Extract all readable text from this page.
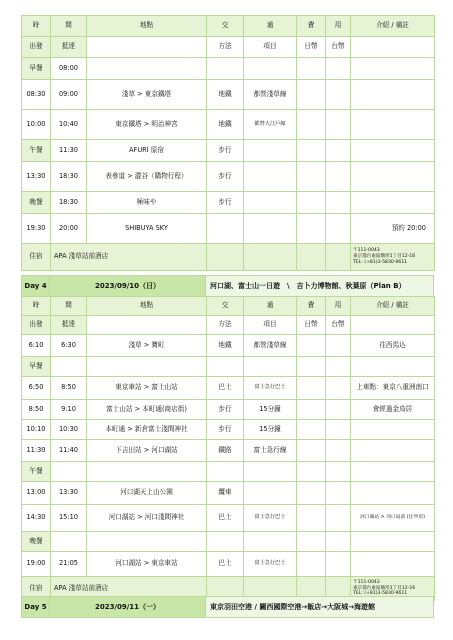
時	間	地點	交	通	費	用	介紹 / 備註
出發	抵達		方法	項目	日幣	台幣	
早餐	08:00						
08:30	09:00	淺草 > 東京鐵塔	地鐵	都營淺草線			
10:00	10:40	東京鐵塔 > 明治神宮	地鐵	都營大江戶線			
午餐	11:30	AFURI 原宿	步行				
13:30	18:30	表參道 > 澀谷（購物行程）	步行				
晚餐	18:30	極味や	步行				
19:30	20:00	SHIBUYA SKY					預約 20:00
住宿	APA 淺草站前酒店						〒111-0043
東京都台東區駒形1丁目12-16
TEL: (+81)3-5830-9611
Day 4	2023/09/10（日）	河口湖、富士山一日遊　\　吉卜力博物館、秋葉原（Plan B）
時	間	地點	交	通	費	用	介紹 / 備註
出發	抵達		方法	項目	日幣	台幣	
6:10	6:30	淺草 > 寶町	地鐵	都營淺草線			往西馬込
早餐							
6:50	8:50	東京車站 > 富士山站	巴士	富士急行巴士			上車點：東京八重洲南口
8:50	9:10	富士山站 > 本町通(商店街)	步行	15分鐘			會經過金鳥居
10:10	10:30	本町通 > 新倉富士淺間神社	步行	15分鐘			
11:30	11:40	下吉田站 > 河口湖站	鐵路	富士急行線			
午餐							
13:00	13:30	河口湖天上山公園	纜車				
14:30	15:10	河口湖站 > 河口淺間神社	巴士	富士急行巴士			河口湖站 > 河口局前 (往甲府)
晚餐							
19:00	21:05	河口湖站 > 東京車站	巴士	富士急行巴士			
住宿	APA 淺草站前酒店						〒111-0043
東京都台東區駒形1丁目12-16
TEL: (+81)3-5830-9611
Day 5	2023/09/11（一）	東京羽田空港 / 關西國際空港→飯店→大阪城→海遊館
